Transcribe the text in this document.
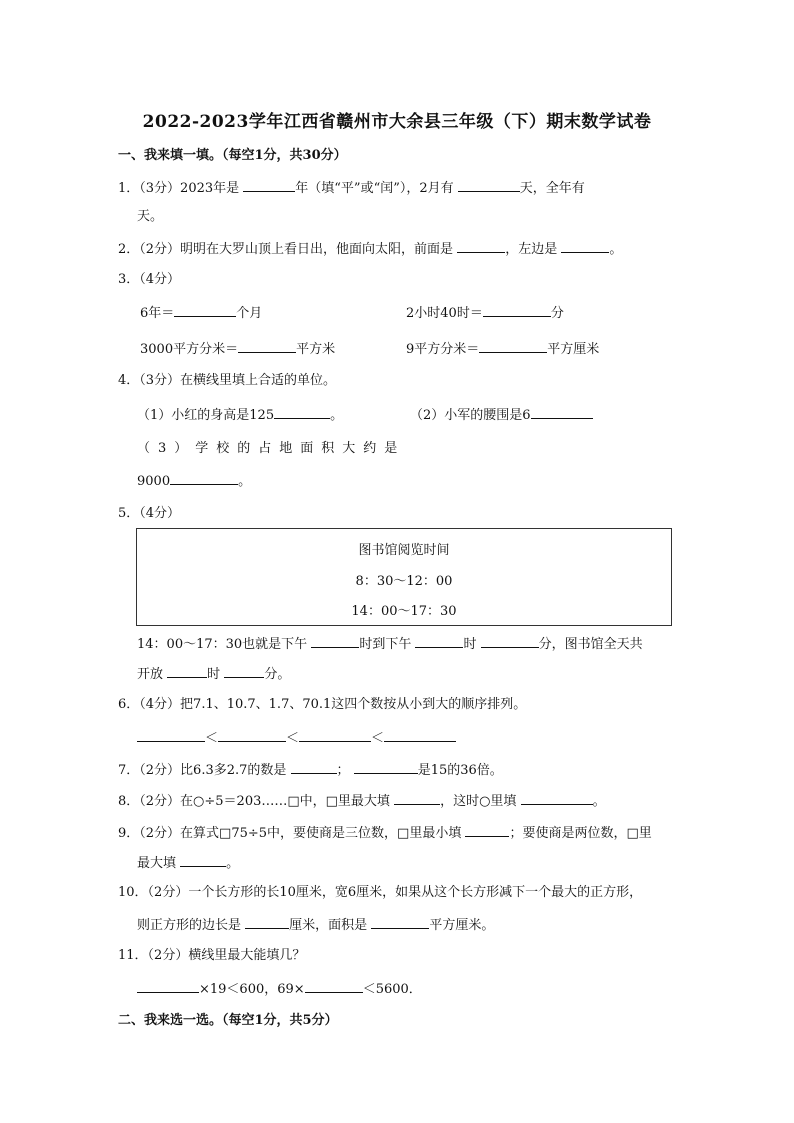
2022-2023学年江西省赣州市大余县三年级（下）期末数学试卷
一、我来填一填。（每空1分，共30分）
1．（3分）2023年是	年（填“平”或“闰”），2月有	天，全年有
天。
2．（2分）明明在大罗山顶上看日出，他面向太阳，前面是	，左边是	。
3．（4分）
6年＝	个月	2小时40时＝	分
3000平方分米＝	平方米	9平方分米＝	平方厘米
4．（3分）在横线里填上合适的单位。
（1）小红的身高是125	。	（2）小军的腰围是6
（3）学校的占地面积大约是
9000	。
5．（4分）
图书馆阅览时间
8：30～12：00
14：00～17：30
14：00～17：30也就是下午	时到下午	时	分，图书馆全天共
开放	时	分。
6．（4分）把7.1、10.7、1.7、70.1这四个数按从小到大的顺序排列。
＜	＜	＜
7．（2分）比6.3多2.7的数是	；	是15的36倍。
8．（2分）在○÷5＝203……□中，□里最大填	，这时○里填	。
9．（2分）在算式□75÷5中，要使商是三位数，□里最小填	；要使商是两位数，□里
最大填	。
10．（2分）一个长方形的长10厘米，宽6厘米，如果从这个长方形减下一个最大的正方形，
则正方形的边长是	厘米，面积是	平方厘米。
11．（2分）横线里最大能填几？
×19＜600，69×	＜5600．
二、我来选一选。（每空1分，共5分）
